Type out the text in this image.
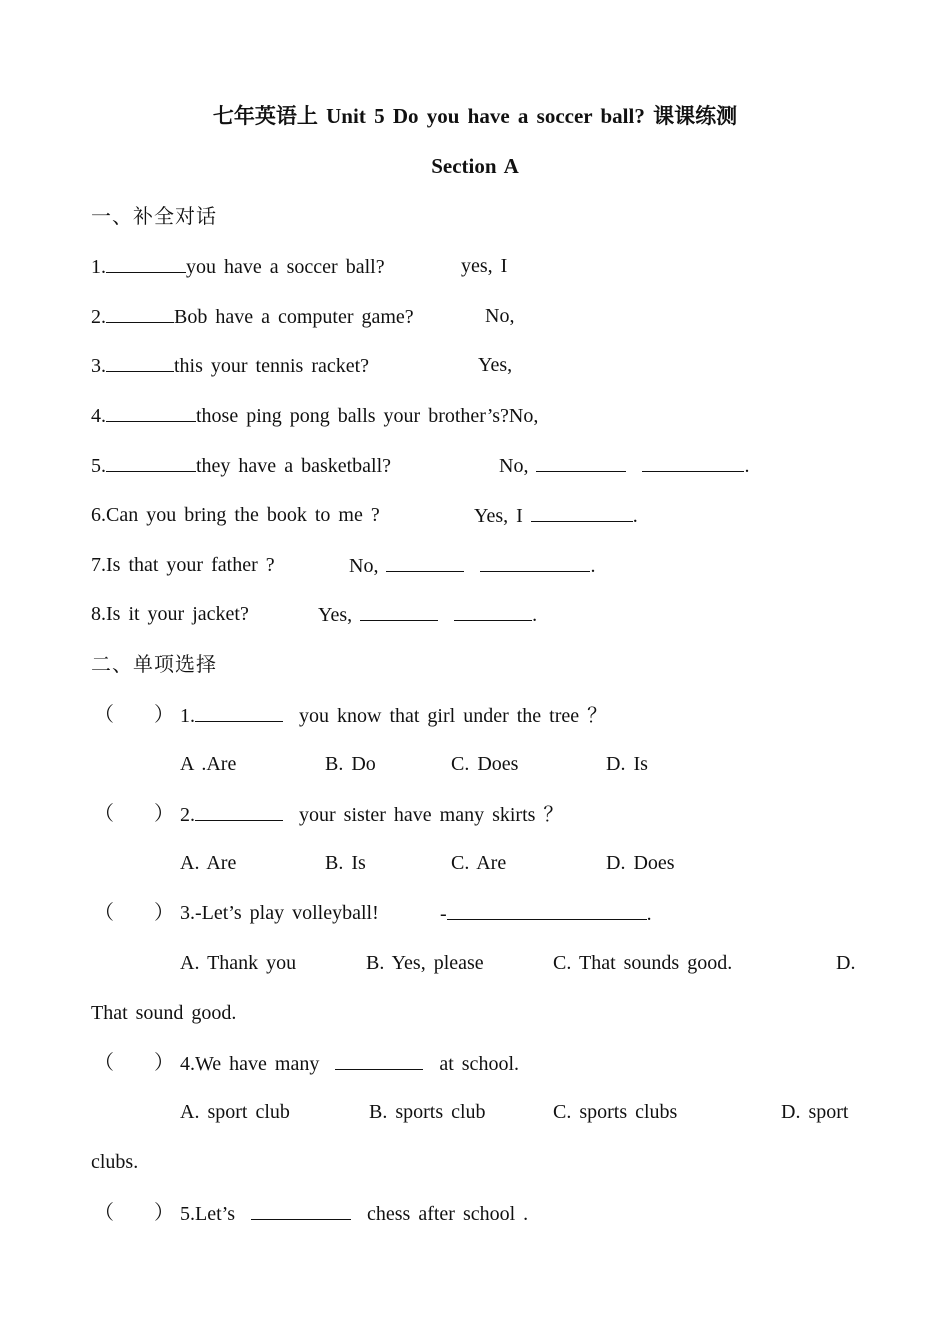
七年英语上 Unit 5 Do you have a soccer ball? 课课练测
Section A
一、补全对话
1.	you have a soccer ball?	yes, I
2.	Bob have a computer game?	No,
3.	this your tennis racket?	Yes,
4.	those ping pong balls your brother’s?No,
5.	they have a basketball?	No,	.
6.Can you bring the book to me ?	Yes, I	.
7.Is that your father ?	No,	.
8.Is it your jacket?	Yes,	.
二、单项选择
（　　） 1.	you know that girl under the tree ？
A .Are	B. Do	C. Does	D. Is
（　　） 2.	your sister have many skirts ？
A. Are	B. Is	C. Are	D. Does
（　　） 3.-Let’s play volleyball!	-	.
A. Thank you	B. Yes, please	C. That sounds good.	D.
That sound good.
（　　） 4.We have many	at school.
A. sport club	B. sports club	C. sports clubs	D. sport
clubs.
（　　） 5.Let’s	chess after school .
